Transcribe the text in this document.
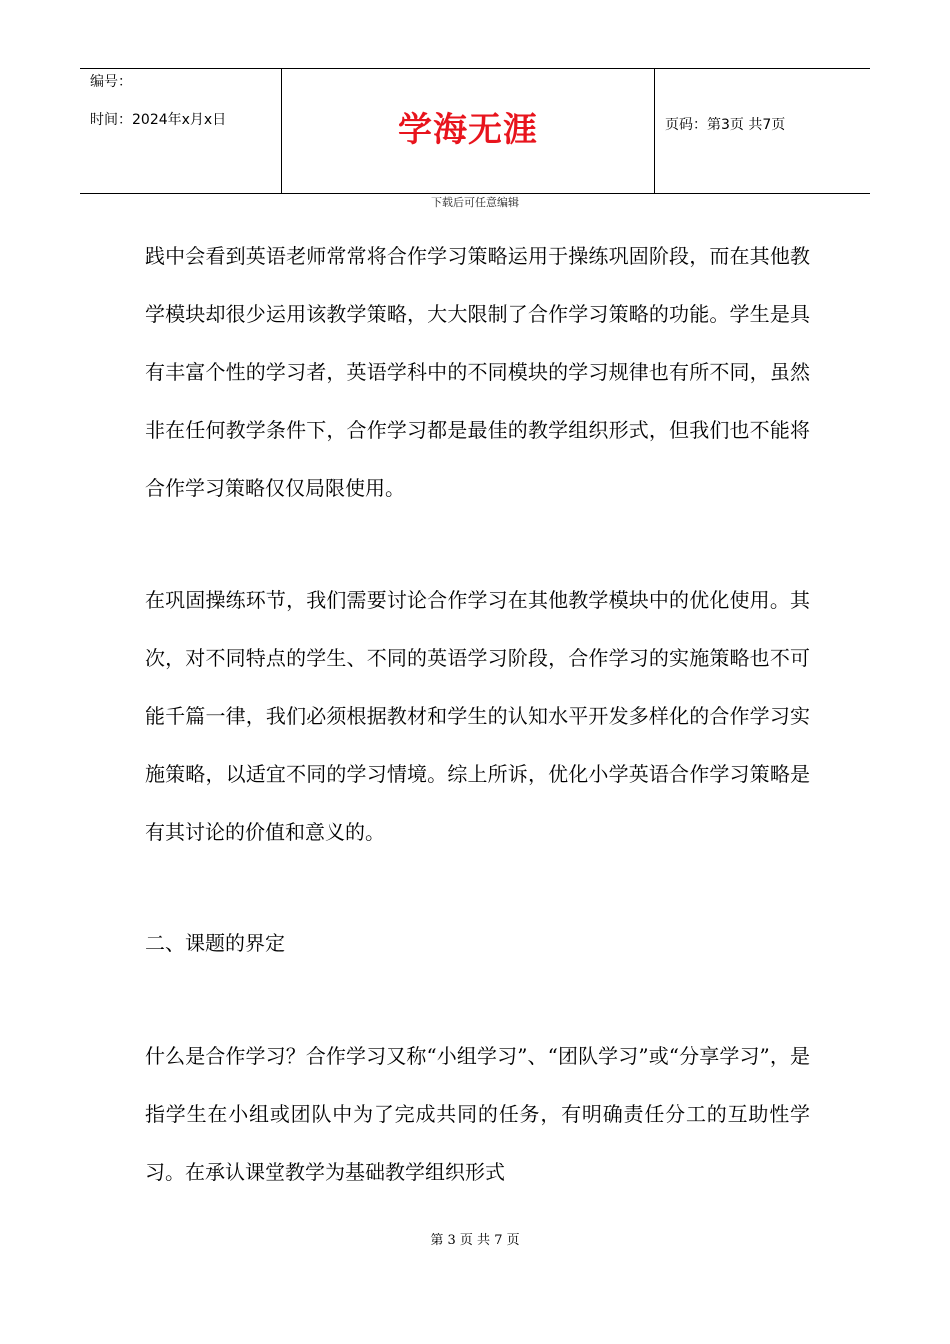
编号：
时间：2024年x月x日	学海无涯	页码：第3页 共7页
下载后可任意编辑

践中会看到英语老师常常将合作学习策略运用于操练巩固阶段，而在其他教学模块却很少运用该教学策略，大大限制了合作学习策略的功能。学生是具有丰富个性的学习者，英语学科中的不同模块的学习规律也有所不同，虽然非在任何教学条件下，合作学习都是最佳的教学组织形式，但我们也不能将合作学习策略仅仅局限使用。

在巩固操练环节，我们需要讨论合作学习在其他教学模块中的优化使用。其次，对不同特点的学生、不同的英语学习阶段，合作学习的实施策略也不可能千篇一律，我们必须根据教材和学生的认知水平开发多样化的合作学习实施策略，以适宜不同的学习情境。综上所诉，优化小学英语合作学习策略是有其讨论的价值和意义的。

二、课题的界定

什么是合作学习？合作学习又称“小组学习”、“团队学习”或“分享学习”，是指学生在小组或团队中为了完成共同的任务，有明确责任分工的互助性学习。在承认课堂教学为基础教学组织形式

第 3 页 共 7 页
